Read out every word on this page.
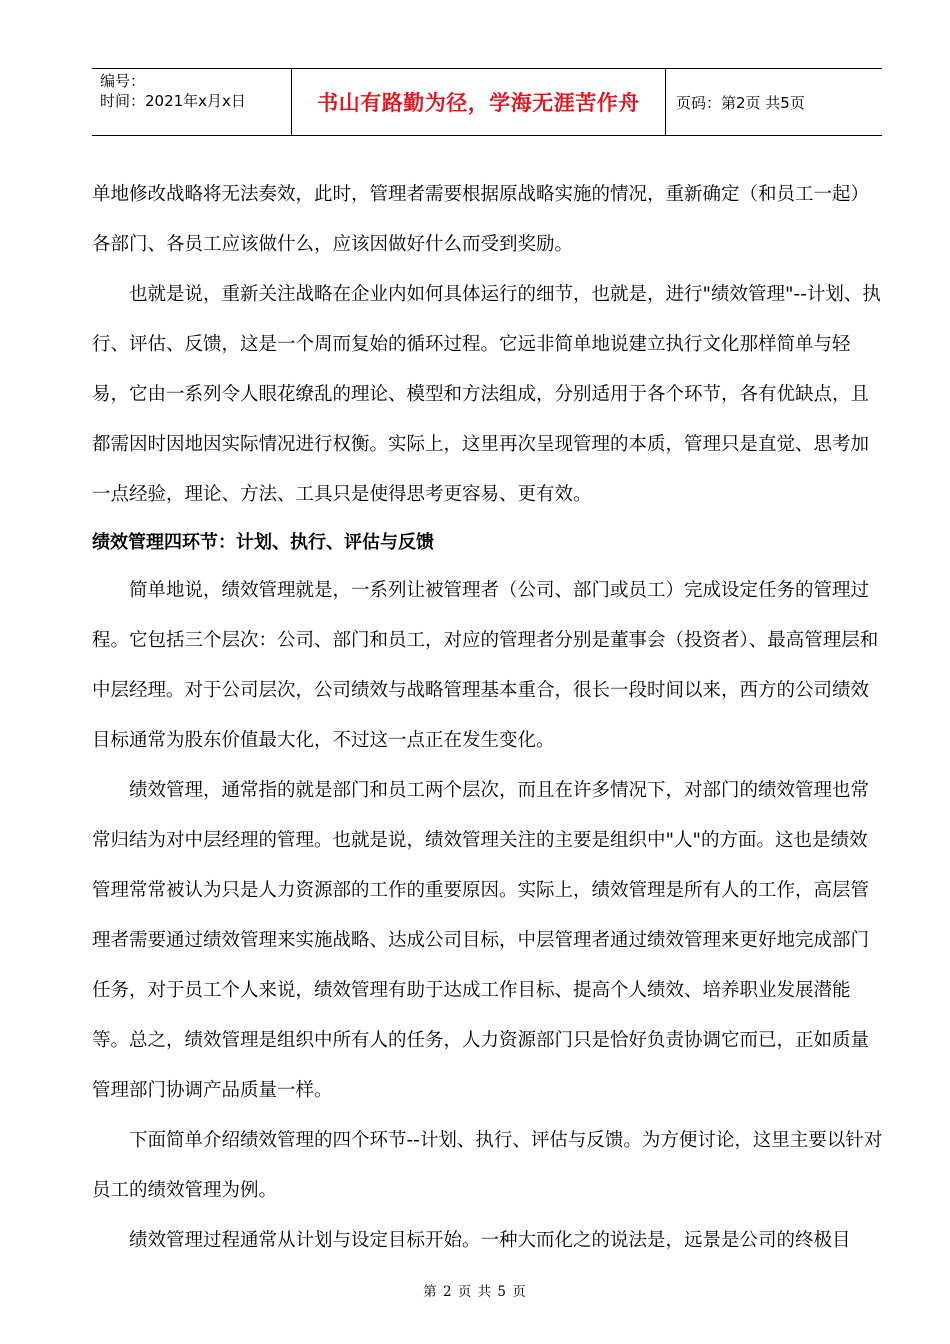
编号：
时间：2021年x月x日	书山有路勤为径，学海无涯苦作舟	页码：第2页 共5页

单地修改战略将无法奏效，此时，管理者需要根据原战略实施的情况，重新确定（和员工一起）各部门、各员工应该做什么，应该因做好什么而受到奖励。

也就是说，重新关注战略在企业内如何具体运行的细节，也就是，进行"绩效管理"--计划、执行、评估、反馈，这是一个周而复始的循环过程。它远非简单地说建立执行文化那样简单与轻易，它由一系列令人眼花缭乱的理论、模型和方法组成，分别适用于各个环节，各有优缺点，且都需因时因地因实际情况进行权衡。实际上，这里再次呈现管理的本质，管理只是直觉、思考加一点经验，理论、方法、工具只是使得思考更容易、更有效。

绩效管理四环节：计划、执行、评估与反馈

简单地说，绩效管理就是，一系列让被管理者（公司、部门或员工）完成设定任务的管理过程。它包括三个层次：公司、部门和员工，对应的管理者分别是董事会（投资者）、最高管理层和中层经理。对于公司层次，公司绩效与战略管理基本重合，很长一段时间以来，西方的公司绩效目标通常为股东价值最大化，不过这一点正在发生变化。

绩效管理，通常指的就是部门和员工两个层次，而且在许多情况下，对部门的绩效管理也常常归结为对中层经理的管理。也就是说，绩效管理关注的主要是组织中"人"的方面。这也是绩效管理常常被认为只是人力资源部的工作的重要原因。实际上，绩效管理是所有人的工作，高层管理者需要通过绩效管理来实施战略、达成公司目标，中层管理者通过绩效管理来更好地完成部门任务，对于员工个人来说，绩效管理有助于达成工作目标、提高个人绩效、培养职业发展潜能等。总之，绩效管理是组织中所有人的任务，人力资源部门只是恰好负责协调它而已，正如质量管理部门协调产品质量一样。

下面简单介绍绩效管理的四个环节--计划、执行、评估与反馈。为方便讨论，这里主要以针对员工的绩效管理为例。

绩效管理过程通常从计划与设定目标开始。一种大而化之的说法是，远景是公司的终极目

第 2 页 共 5 页
